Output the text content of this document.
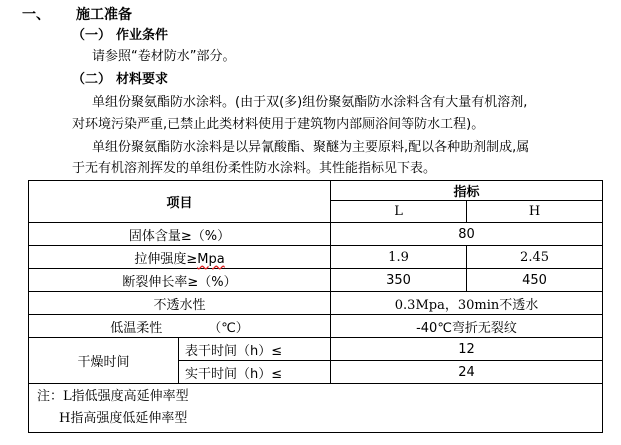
一、 施工准备
（一） 作业条件
请参照“卷材防水”部分。
（二） 材料要求
单组份聚氨酯防水涂料。(由于双(多)组份聚氨酯防水涂料含有大量有机溶剂,
对环境污染严重,已禁止此类材料使用于建筑物内部厕浴间等防水工程)。
单组份聚氨酯防水涂料是以异氰酸酯、聚醚为主要原料,配以各种助剂制成,属
于无有机溶剂挥发的单组份柔性防水涂料。其性能指标见下表。
项目		指标	
		L	H
固体含量≥（%）		80	
拉伸强度≥Mpa		1.9	2.45
断裂伸长率≥（%）		350	450
不透水性		0.3Mpa，30min不透水	
低温柔性 （℃）		-40℃弯折无裂纹	
干燥时间	表干时间（h）≤	12	
	实干时间（h）≤	24	

注：L指低强度高延伸率型
H指高强度低延伸率型			
